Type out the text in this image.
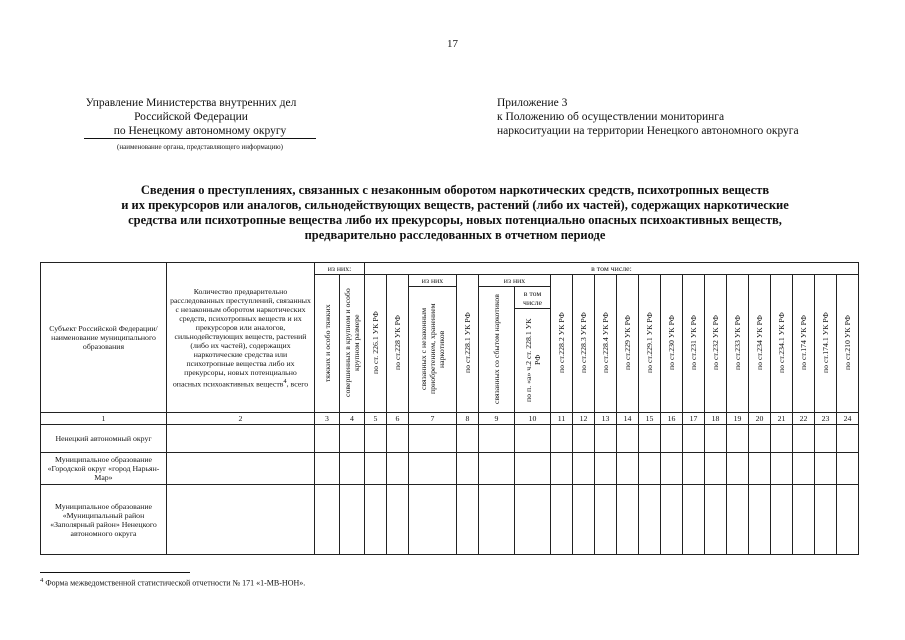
17
Управление Министерства внутренних дел
Российской Федерации
по Ненецкому автономному округу
(наименование органа, представляющего информацию)
Приложение 3
к Положению об осуществлении мониторинга
наркоситуации на территории Ненецкого автономного округа
Сведения о преступлениях, связанных с незаконным оборотом наркотических средств, психотропных веществ
и их прекурсоров или аналогов, сильнодействующих веществ, растений (либо их частей), содержащих наркотические
средства или психотропные вещества либо их прекурсоры, новых потенциально опасных психоактивных веществ,
предварительно расследованных в отчетном периоде
Субъект Российской Федерации/ наименование муниципального образования	Количество предварительно расследованных преступлений, связанных с незаконным оборотом наркотических средств, психотропных веществ и их прекурсоров или аналогов, сильнодействующих веществ, растений (либо их частей), содержащих наркотические средства или психотропные вещества либо их прекурсоры, новых потенциально опасных психоактивных веществ$^4$, всего	из них:		в том числе:																			
		тяжких и особо тяжких	совершенных в крупном и особо крупном размере	по ст. 226.1 УК РФ	по ст.228 УК РФ	из них	по ст.228.1 УК РФ	из них		по ст.228.2 УК РФ	по ст.228.3 УК РФ	по ст.228.4 УК РФ	по ст.229 УК РФ	по ст.229.1 УК РФ	по ст.230 УК РФ	по ст.231 УК РФ	по ст.232 УК РФ	по ст.233 УК РФ	по ст.234 УК РФ	по ст.234.1 УК РФ	по ст.174 УК РФ	по ст.174.1 УК РФ	по ст.210 УК РФ
						связанных с незаконным приобретением, хранением наркотиков		связанных со сбытом наркотиков	в том числе														
									по п. «а» ч.2 ст. 228.1 УК РФ														
1	2	3	4	5	6	7	8	9	10	11	12	13	14	15	16	17	18	19	20	21	22	23	24
Ненецкий автономный округ																							
Муниципальное образование «Городской округ «город Нарьян-Мар»																							
Муниципальное образование «Муниципальный район «Заполярный район» Ненецкого автономного округа																							
$^4$ Форма межведомственной статистической отчетности № 171 «1-МВ-НОН».
